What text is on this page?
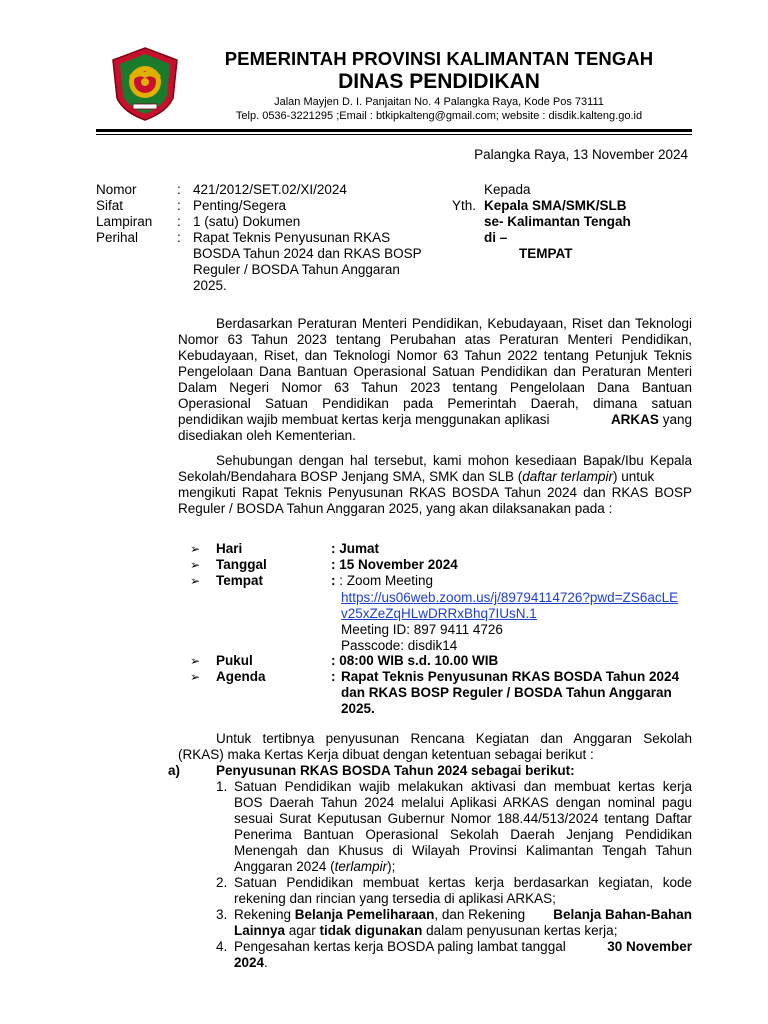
PEMERINTAH PROVINSI KALIMANTAN TENGAH
DINAS PENDIDIKAN
Jalan Mayjen D. I. Panjaitan No. 4 Palangka Raya, Kode Pos 73111
Telp. 0536-3221295 ;Email : btkipkalteng@gmail.com; website : disdik.kalteng.go.id
Palangka Raya, 13 November 2024
Nomor	: 421/2012/SET.02/XI/2024
Sifat	: Penting/Segera
Lampiran : 1 (satu) Dokumen
Perihal	: Rapat Teknis Penyusunan RKAS
BOSDA Tahun 2024 dan RKAS BOSP
Reguler / BOSDA Tahun Anggaran
2025.
Kepada
Yth. Kepala SMA/SMK/SLB
se- Kalimantan Tengah
di –
TEMPAT
Berdasarkan Peraturan Menteri Pendidikan, Kebudayaan, Riset dan Teknologi
Nomor 63 Tahun 2023 tentang Perubahan atas Peraturan Menteri Pendidikan,
Kebudayaan, Riset, dan Teknologi Nomor 63 Tahun 2022 tentang Petunjuk Teknis
Pengelolaan Dana Bantuan Operasional Satuan Pendidikan dan Peraturan Menteri
Dalam Negeri Nomor 63 Tahun 2023 tentang Pengelolaan Dana Bantuan
Operasional Satuan Pendidikan pada Pemerintah Daerah, dimana satuan
pendidikan wajib membuat kertas kerja menggunakan aplikasi	ARKAS yang
disediakan oleh Kementerian.
Sehubungan dengan hal tersebut, kami mohon kesediaan Bapak/Ibu Kepala
Sekolah/Bendahara BOSP Jenjang SMA, SMK dan SLB (daftar terlampir) untuk
mengikuti Rapat Teknis Penyusunan RKAS BOSDA Tahun 2024 dan RKAS BOSP
Reguler / BOSDA Tahun Anggaran 2025, yang akan dilaksanakan pada :
➢ Hari	: Jumat
➢ Tanggal	: 15 November 2024
➢ Tempat	: : Zoom Meeting
https://us06web.zoom.us/j/89794114726?pwd=ZS6acLE
v25xZeZqHLwDRRxBhq7IUsN.1
Meeting ID: 897 9411 4726
Passcode: disdik14
➢ Pukul	: 08:00 WIB s.d. 10.00 WIB
➢ Agenda	: Rapat Teknis Penyusunan RKAS BOSDA Tahun 2024
dan RKAS BOSP Reguler / BOSDA Tahun Anggaran
2025.
Untuk tertibnya penyusunan Rencana Kegiatan dan Anggaran Sekolah
(RKAS) maka Kertas Kerja dibuat dengan ketentuan sebagai berikut :
a)	Penyusunan RKAS BOSDA Tahun 2024 sebagai berikut:
1. Satuan Pendidikan wajib melakukan aktivasi dan membuat kertas kerja
BOS Daerah Tahun 2024 melalui Aplikasi ARKAS dengan nominal pagu
sesuai Surat Keputusan Gubernur Nomor 188.44/513/2024 tentang Daftar
Penerima Bantuan Operasional Sekolah Daerah Jenjang Pendidikan
Menengah dan Khusus di Wilayah Provinsi Kalimantan Tengah Tahun
Anggaran 2024 (terlampir);
2. Satuan Pendidikan membuat kertas kerja berdasarkan kegiatan, kode
rekening dan rincian yang tersedia di aplikasi ARKAS;
3. Rekening Belanja Pemeliharaan, dan Rekening Belanja Bahan-Bahan
Lainnya agar tidak digunakan dalam penyusunan kertas kerja;
4. Pengesahan kertas kerja BOSDA paling lambat tanggal	30 November
2024.
